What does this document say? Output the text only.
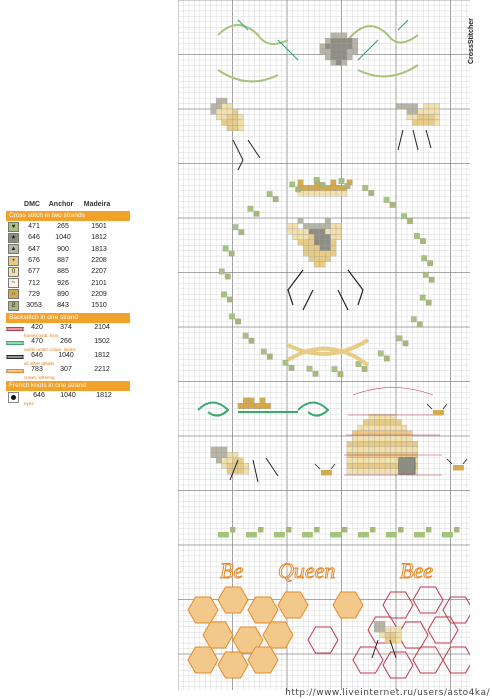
DMC	Anchor	Madeira
Cross stitch in two strands
♥	471	265	1501
★	646	1040	1812
▲	647	900	1813
+	676	887	2208
0	677	885	2207
~	712	926	2101
∩	729	890	2209
Ƨ	3053	843	1510
Backstitch in one strand
420	374	2104
honeycomb, hive
470	266	1502
swirls under crown, stems
646	1040	1812
all other details
783	307	2212
crown, lettering
French knots in one strand
646	1040	1812
eyes
Be Queen	Bee
CrossStitcher
http://www.liveinternet.ru/users/asto4ka/
